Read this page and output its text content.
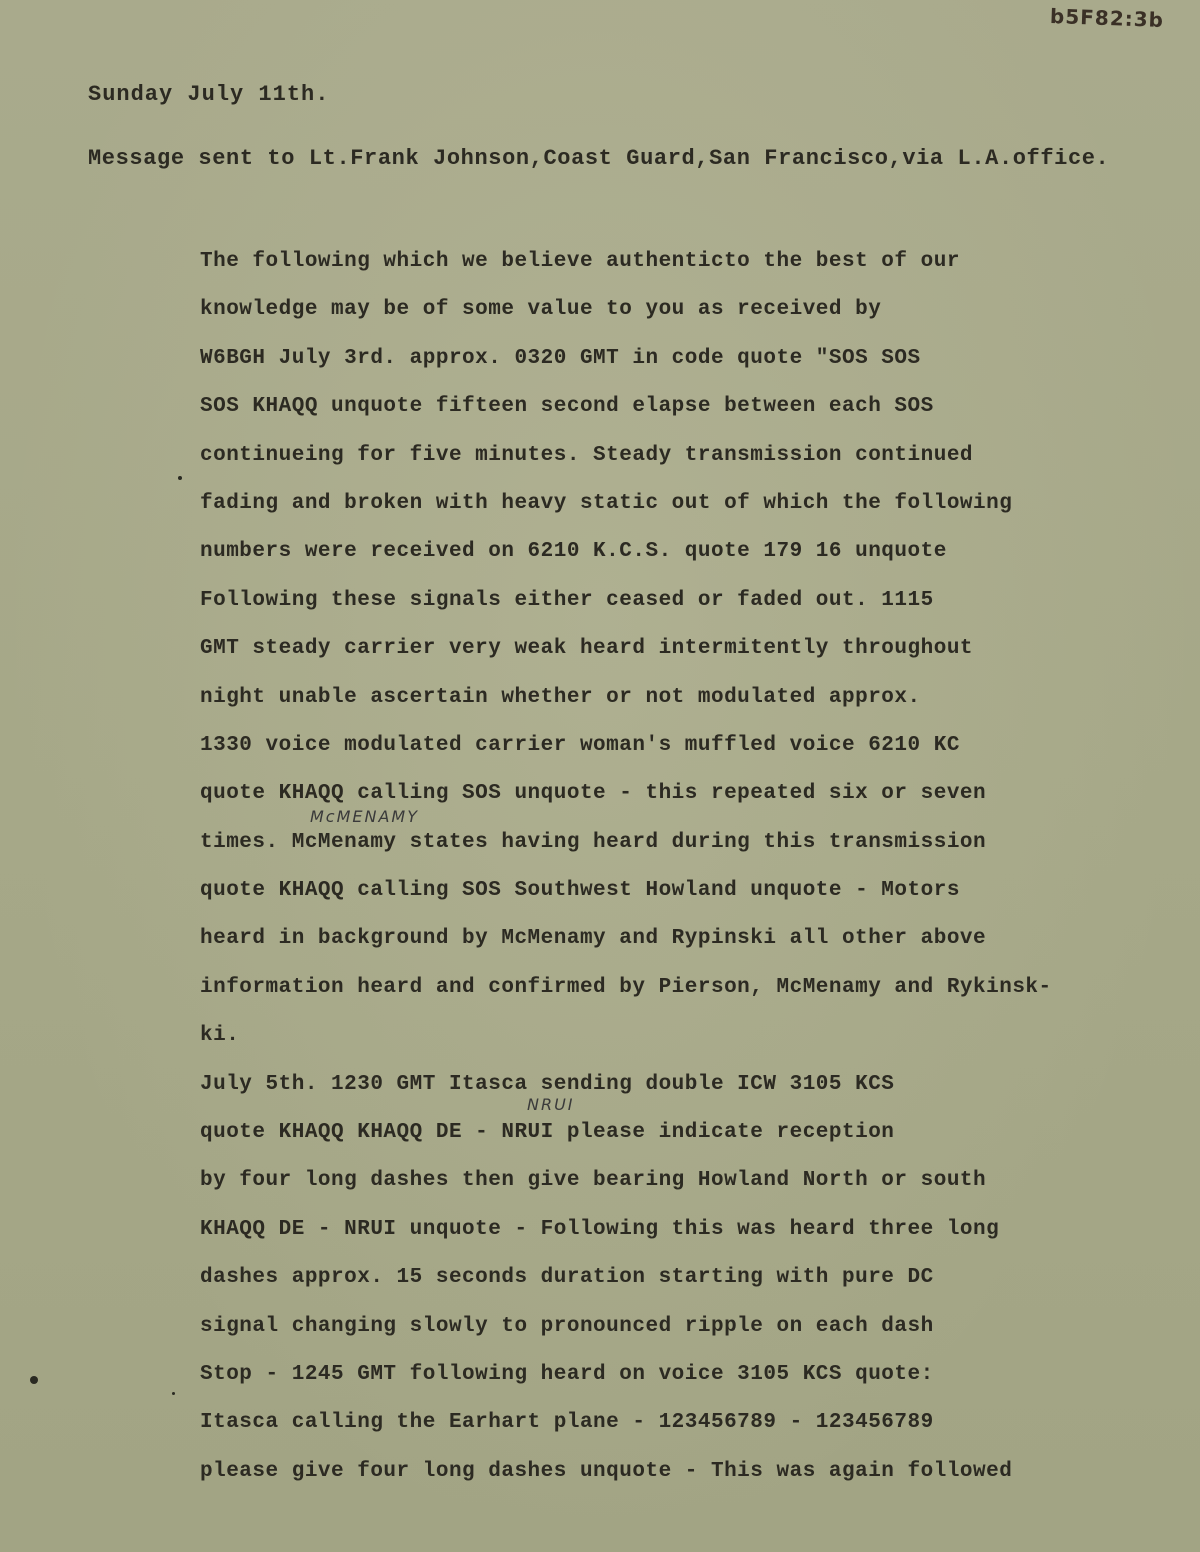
b5F82:3b
Sunday July 11th.
Message sent to Lt.Frank Johnson,Coast Guard,San Francisco,via L.A.office.
The following which we believe authenticto the best of our
knowledge may be of some value to you as received by
W6BGH July 3rd. approx. 0320 GMT in code quote "SOS SOS
SOS KHAQQ unquote fifteen second elapse between each SOS
continueing for five minutes. Steady transmission continued
fading and broken with heavy static out of which the following
numbers were received on 6210 K.C.S. quote 179 16 unquote
Following these signals either ceased or faded out. 1115
GMT steady carrier very weak heard intermitently throughout
night unable ascertain whether or not modulated approx.
1330 voice modulated carrier woman's muffled voice 6210 KC
quote KHAQQ calling SOS unquote - this repeated six or seven
McMENAMY
times. McMenamy states having heard during this transmission
quote KHAQQ calling SOS Southwest Howland unquote - Motors
heard in background by McMenamy and Rypinski all other above
information heard and confirmed by Pierson, McMenamy and Rykinsk-
ki.
July 5th. 1230 GMT Itasca sending double ICW 3105 KCS
NRUI
quote KHAQQ KHAQQ DE - NRUI please indicate reception
by four long dashes then give bearing Howland North or south
KHAQQ DE - NRUI unquote - Following this was heard three long
dashes approx. 15 seconds duration starting with pure DC
signal changing slowly to pronounced ripple on each dash
Stop - 1245 GMT following heard on voice 3105 KCS quote:
Itasca calling the Earhart plane - 123456789 - 123456789
please give four long dashes unquote - This was again followed
